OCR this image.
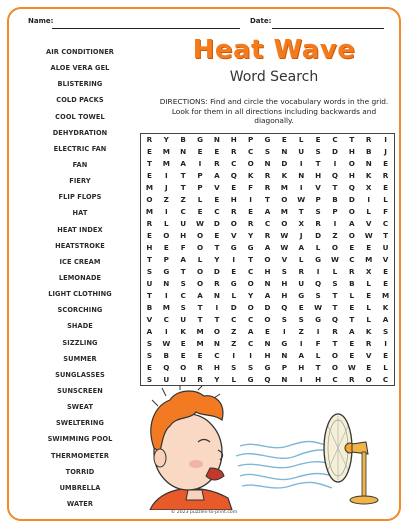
Name:	Date:
AIR CONDITIONER
ALOE VERA GEL
BLISTERING
COLD PACKS
COOL TOWEL
DEHYDRATION
ELECTRIC FAN
FAN
FIERY
FLIP FLOPS
HAT
HEAT INDEX
HEATSTROKE
ICE CREAM
LEMONADE
LIGHT CLOTHING
SCORCHING
SHADE
SIZZLING
SUMMER
SUNGLASSES
SUNSCREEN
SWEAT
SWELTERING
SWIMMING POOL
THERMOMETER
TORRID
UMBRELLA
WATER
Heat Wave
Word Search
DIRECTIONS: Find and circle the vocabulary words in the grid. Look for them in all directions including backwards and diagonally.
R Y B G N H P G E L E C T R I
E M N E E R C S N U S D H B J
T M A I R C O N D I T I O N E
E I T P A Q K R K N H Q H K R
M J T P V E F R M I V T Q X E
O Z Z L E H I T O W P B D I L
M I C E C R E A M T S P O L F
R L U W D O R C O X R I A V C
E O H O E V Y R W J D Z O W T
H E F O T G G A W A L O E E U
T P A L Y I T O V L G W C M V
S G T O D E C H S R I L R X E
U N S O R G O N H U Q S B L E
T I C A N L Y A H G S T L E M
B M S T I D O D Q E W T E L K
V C U T T C C O S S G Q T L A
A I K M O Z A E I Z I R A K S
S W E M N Z C N G I F T E R I
S B E E C I I H N A L O E V E
E Q O R H S S G P H T O W E L
S U U R Y L G Q N I H C R O C
© 2023 puzzles-to-print.com
